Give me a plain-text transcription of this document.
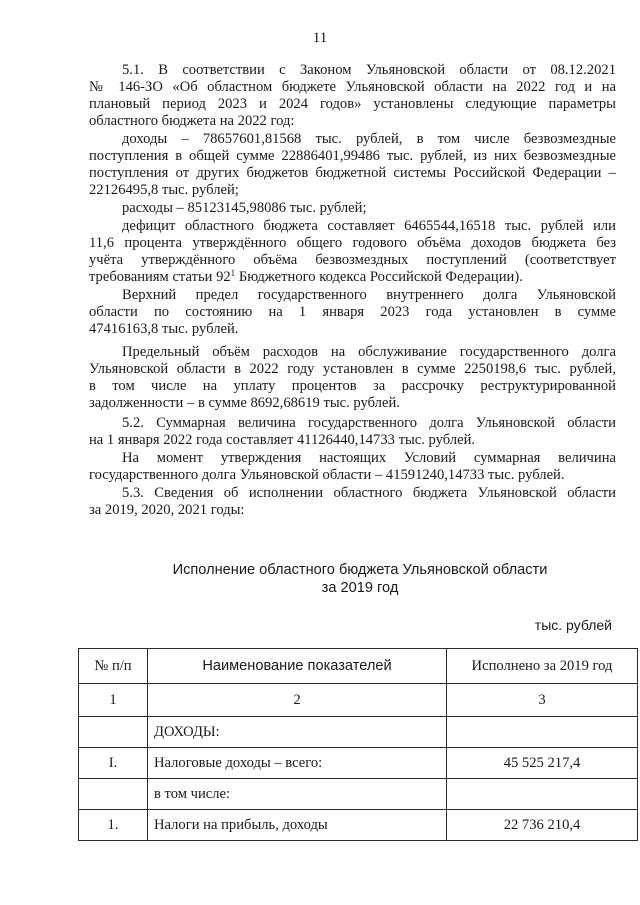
11

5.1. В соответствии с Законом Ульяновской области от 08.12.2021
№ 146-ЗО «Об областном бюджете Ульяновской области на 2022 год и на
плановый период 2023 и 2024 годов» установлены следующие параметры
областного бюджета на 2022 год:

доходы – 78657601,81568 тыс. рублей, в том числе безвозмездные
поступления в общей сумме 22886401,99486 тыс. рублей, из них безвозмездные
поступления от других бюджетов бюджетной системы Российской Федерации –
22126495,8 тыс. рублей;

расходы – 85123145,98086 тыс. рублей;

дефицит областного бюджета составляет 6465544,16518 тыс. рублей или
11,6 процента утверждённого общего годового объёма доходов бюджета без
учёта утверждённого объёма безвозмездных поступлений (соответствует
требованиям статьи $92^1$ Бюджетного кодекса Российской Федерации).

Верхний предел государственного внутреннего долга Ульяновской
области по состоянию на 1 января 2023 года установлен в сумме
47416163,8 тыс. рублей.

Предельный объём расходов на обслуживание государственного долга
Ульяновской области в 2022 году установлен в сумме 2250198,6 тыс. рублей,
в том числе на уплату процентов за рассрочку реструктурированной
задолженности – в сумме 8692,68619 тыс. рублей.

5.2. Суммарная величина государственного долга Ульяновской области
на 1 января 2022 года составляет 41126440,14733 тыс. рублей.

На момент утверждения настоящих Условий суммарная величина
государственного долга Ульяновской области – 41591240,14733 тыс. рублей.

5.3. Сведения об исполнении областного бюджета Ульяновской области
за 2019, 2020, 2021 годы:

Исполнение областного бюджета Ульяновской области
за 2019 год
тыс. рублей
№ п/п	Наименование показателей	Исполнено за 2019 год
1	2	3
	ДОХОДЫ:	
I.	Налоговые доходы – всего:	45 525 217,4
	в том числе:	
1.	Налоги на прибыль, доходы	22 736 210,4
